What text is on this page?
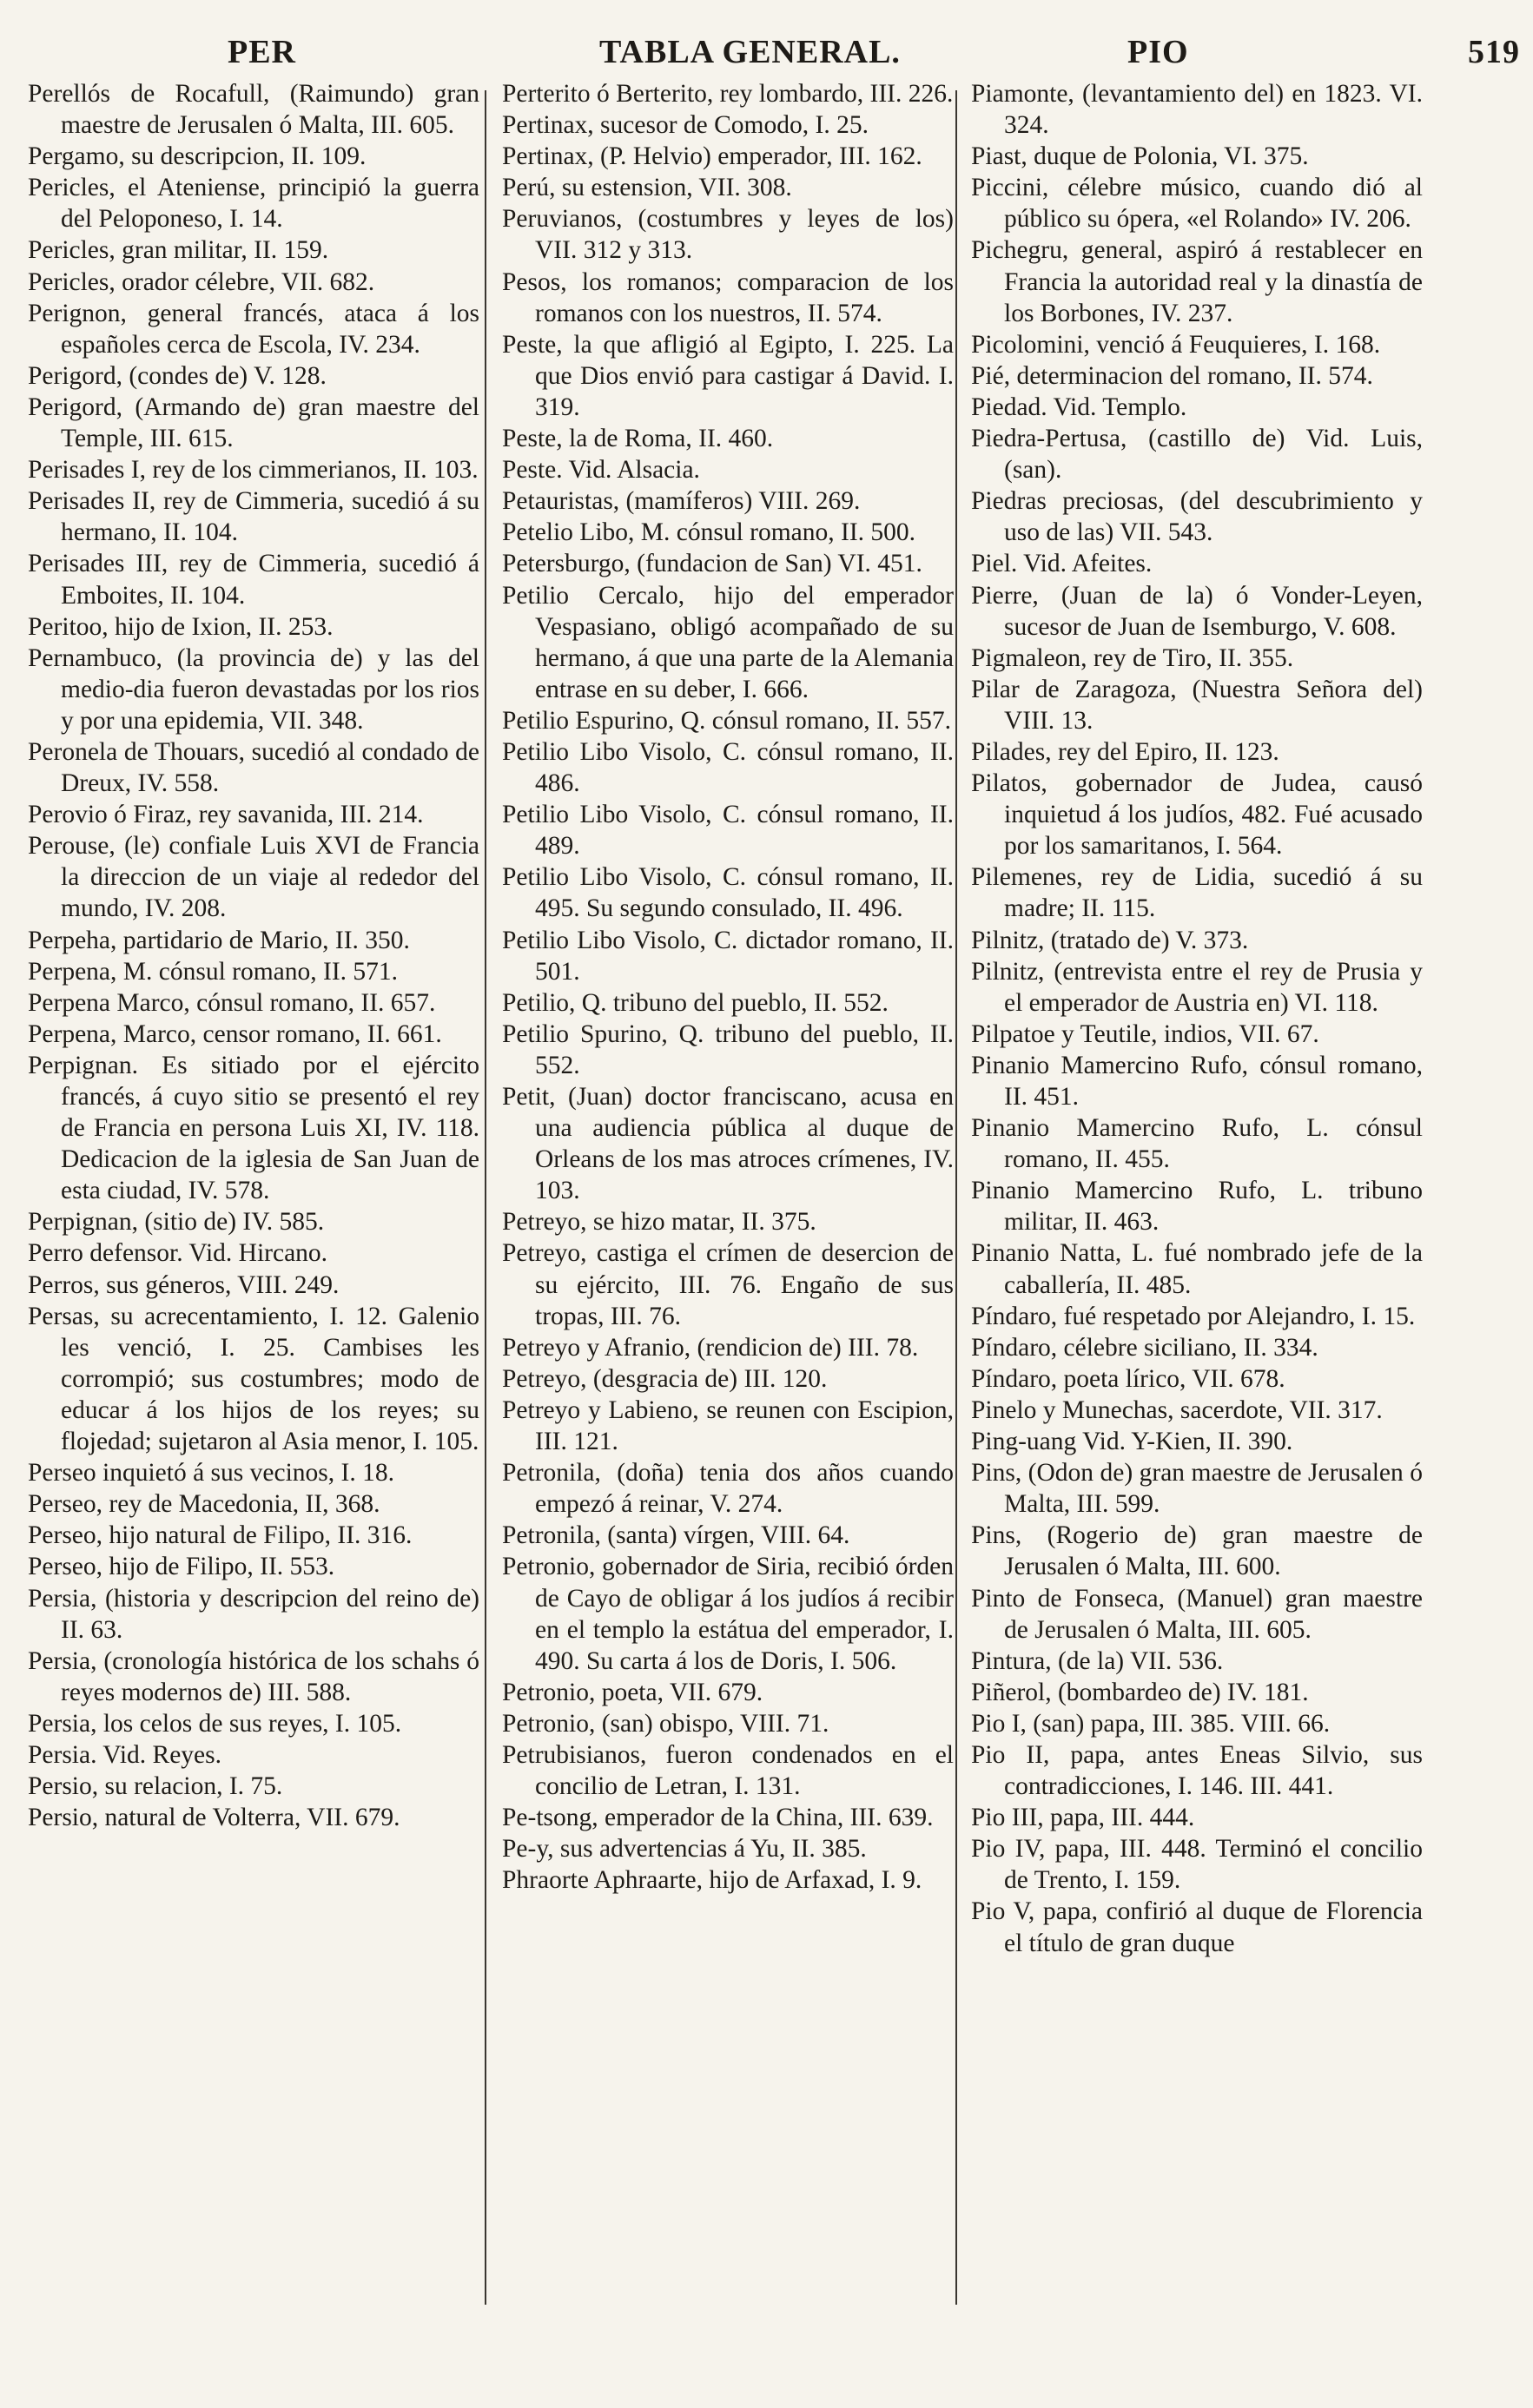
PER	TABLA GENERAL.	PIO	519

Perellós de Rocafull, (Raimundo) gran maestre de Jerusalen ó Malta, III. 605.

Pergamo, su descripcion, II. 109.

Pericles, el Ateniense, principió la guerra del Peloponeso, I. 14.

Pericles, gran militar, II. 159.

Pericles, orador célebre, VII. 682.

Perignon, general francés, ataca á los españoles cerca de Escola, IV. 234.

Perigord, (condes de) V. 128.

Perigord, (Armando de) gran maestre del Temple, III. 615.

Perisades I, rey de los cimmerianos, II. 103.

Perisades II, rey de Cimmeria, sucedió á su hermano, II. 104.

Perisades III, rey de Cimmeria, sucedió á Emboites, II. 104.

Peritoo, hijo de Ixion, II. 253.

Pernambuco, (la provincia de) y las del medio-dia fueron devastadas por los rios y por una epidemia, VII. 348.

Peronela de Thouars, sucedió al condado de Dreux, IV. 558.

Perovio ó Firaz, rey savanida, III. 214.

Perouse, (le) confiale Luis XVI de Francia la direccion de un viaje al rededor del mundo, IV. 208.

Perpeha, partidario de Mario, II. 350.

Perpena, M. cónsul romano, II. 571.

Perpena Marco, cónsul romano, II. 657.

Perpena, Marco, censor romano, II. 661.

Perpignan. Es sitiado por el ejército francés, á cuyo sitio se presentó el rey de Francia en persona Luis XI, IV. 118. Dedicacion de la iglesia de San Juan de esta ciudad, IV. 578.

Perpignan, (sitio de) IV. 585.

Perro defensor. Vid. Hircano.

Perros, sus géneros, VIII. 249.

Persas, su acrecentamiento, I. 12. Galenio les venció, I. 25. Cambises les corrompió; sus costumbres; modo de educar á los hijos de los reyes; su flojedad; sujetaron al Asia menor, I. 105.

Perseo inquietó á sus vecinos, I. 18.

Perseo, rey de Macedonia, II, 368.

Perseo, hijo natural de Filipo, II. 316.

Perseo, hijo de Filipo, II. 553.

Persia, (historia y descripcion del reino de) II. 63.

Persia, (cronología histórica de los schahs ó reyes modernos de) III. 588.

Persia, los celos de sus reyes, I. 105.

Persia. Vid. Reyes.

Persio, su relacion, I. 75.

Persio, natural de Volterra, VII. 679.

Perterito ó Berterito, rey lombardo, III. 226.

Pertinax, sucesor de Comodo, I. 25.

Pertinax, (P. Helvio) emperador, III. 162.

Perú, su estension, VII. 308.

Peruvianos, (costumbres y leyes de los) VII. 312 y 313.

Pesos, los romanos; comparacion de los romanos con los nuestros, II. 574.

Peste, la que afligió al Egipto, I. 225. La que Dios envió para castigar á David. I. 319.

Peste, la de Roma, II. 460.

Peste. Vid. Alsacia.

Petauristas, (mamíferos) VIII. 269.

Petelio Libo, M. cónsul romano, II. 500.

Petersburgo, (fundacion de San) VI. 451.

Petilio Cercalo, hijo del emperador Vespasiano, obligó acompañado de su hermano, á que una parte de la Alemania entrase en su deber, I. 666.

Petilio Espurino, Q. cónsul romano, II. 557.

Petilio Libo Visolo, C. cónsul romano, II. 486.

Petilio Libo Visolo, C. cónsul romano, II. 489.

Petilio Libo Visolo, C. cónsul romano, II. 495. Su segundo consulado, II. 496.

Petilio Libo Visolo, C. dictador romano, II. 501.

Petilio, Q. tribuno del pueblo, II. 552.

Petilio Spurino, Q. tribuno del pueblo, II. 552.

Petit, (Juan) doctor franciscano, acusa en una audiencia pública al duque de Orleans de los mas atroces crímenes, IV. 103.

Petreyo, se hizo matar, II. 375.

Petreyo, castiga el crímen de desercion de su ejército, III. 76. Engaño de sus tropas, III. 76.

Petreyo y Afranio, (rendicion de) III. 78.

Petreyo, (desgracia de) III. 120.

Petreyo y Labieno, se reunen con Escipion, III. 121.

Petronila, (doña) tenia dos años cuando empezó á reinar, V. 274.

Petronila, (santa) vírgen, VIII. 64.

Petronio, gobernador de Siria, recibió órden de Cayo de obligar á los judíos á recibir en el templo la estátua del emperador, I. 490. Su carta á los de Doris, I. 506.

Petronio, poeta, VII. 679.

Petronio, (san) obispo, VIII. 71.

Petrubisianos, fueron condenados en el concilio de Letran, I. 131.

Pe-tsong, emperador de la China, III. 639.

Pe-y, sus advertencias á Yu, II. 385.

Phraorte Aphraarte, hijo de Arfaxad, I. 9.

Piamonte, (levantamiento del) en 1823. VI. 324.

Piast, duque de Polonia, VI. 375.

Piccini, célebre músico, cuando dió al público su ópera, «el Rolando» IV. 206.

Pichegru, general, aspiró á restablecer en Francia la autoridad real y la dinastía de los Borbones, IV. 237.

Picolomini, venció á Feuquieres, I. 168.

Pié, determinacion del romano, II. 574.

Piedad. Vid. Templo.

Piedra-Pertusa, (castillo de) Vid. Luis, (san).

Piedras preciosas, (del descubrimiento y uso de las) VII. 543.

Piel. Vid. Afeites.

Pierre, (Juan de la) ó Vonder-Leyen, sucesor de Juan de Isemburgo, V. 608.

Pigmaleon, rey de Tiro, II. 355.

Pilar de Zaragoza, (Nuestra Señora del) VIII. 13.

Pilades, rey del Epiro, II. 123.

Pilatos, gobernador de Judea, causó inquietud á los judíos, 482. Fué acusado por los samaritanos, I. 564.

Pilemenes, rey de Lidia, sucedió á su madre; II. 115.

Pilnitz, (tratado de) V. 373.

Pilnitz, (entrevista entre el rey de Prusia y el emperador de Austria en) VI. 118.

Pilpatoe y Teutile, indios, VII. 67.

Pinanio Mamercino Rufo, cónsul romano, II. 451.

Pinanio Mamercino Rufo, L. cónsul romano, II. 455.

Pinanio Mamercino Rufo, L. tribuno militar, II. 463.

Pinanio Natta, L. fué nombrado jefe de la caballería, II. 485.

Píndaro, fué respetado por Alejandro, I. 15.

Píndaro, célebre siciliano, II. 334.

Píndaro, poeta lírico, VII. 678.

Pinelo y Munechas, sacerdote, VII. 317.

Ping-uang Vid. Y-Kien, II. 390.

Pins, (Odon de) gran maestre de Jerusalen ó Malta, III. 599.

Pins, (Rogerio de) gran maestre de Jerusalen ó Malta, III. 600.

Pinto de Fonseca, (Manuel) gran maestre de Jerusalen ó Malta, III. 605.

Pintura, (de la) VII. 536.

Piñerol, (bombardeo de) IV. 181.

Pio I, (san) papa, III. 385. VIII. 66.

Pio II, papa, antes Eneas Silvio, sus contradicciones, I. 146. III. 441.

Pio III, papa, III. 444.

Pio IV, papa, III. 448. Terminó el concilio de Trento, I. 159.

Pio V, papa, confirió al duque de Florencia el título de gran duque
